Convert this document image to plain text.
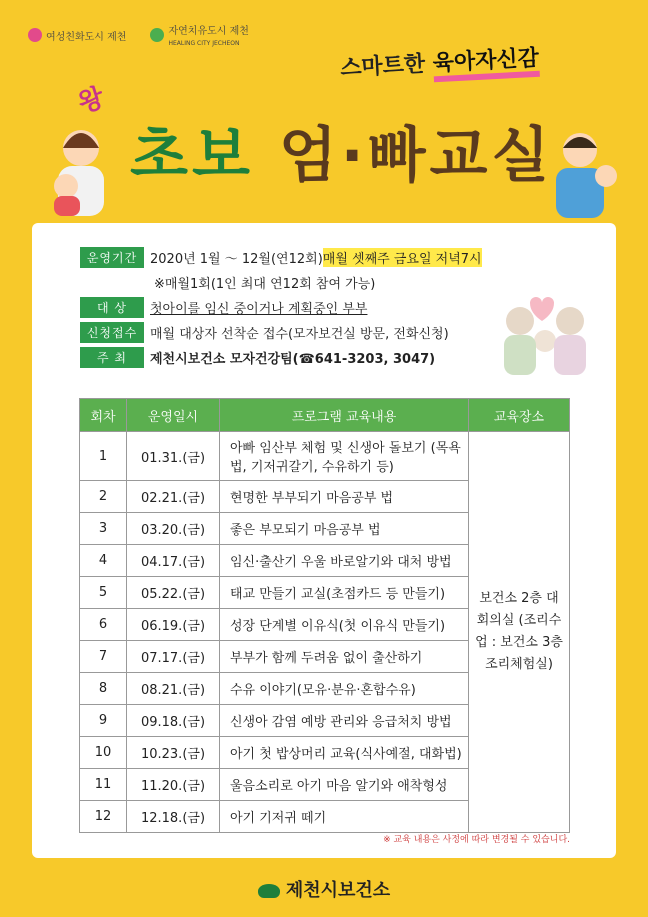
여성친화도시 제천	자연치유도시 제천
HEALING CITY JECHEON
스마트한 육아자신감
왕
초보 엄·빠교실
운영기간 2020년 1월 ～ 12월(연12회) 매월 셋째주 금요일 저녁7시
※매월1회(1인 최대 연12회 참여 가능)
대 상	첫아이를 임신 중이거나 계획중인 부부
신청접수 매월 대상자 선착순 접수(모자보건실 방문, 전화신청)
주 최	제천시보건소 모자건강팀(☎641-3203, 3047)
회차	운영일시	프로그램 교육내용	교육장소
1	01.31.(금)	아빠 임산부 체험 및 신생아 돌보기 (목욕법, 기저귀갈기, 수유하기 등)	보건소 2층 대회의실 (조리수업 : 보건소 3층 조리체험실)
2	02.21.(금)	현명한 부부되기 마음공부 법	
3	03.20.(금)	좋은 부모되기 마음공부 법	
4	04.17.(금)	임신·출산기 우울 바로알기와 대처 방법	
5	05.22.(금)	태교 만들기 교실(초점카드 등 만들기)	
6	06.19.(금)	성장 단계별 이유식(첫 이유식 만들기)	
7	07.17.(금)	부부가 함께 두려움 없이 출산하기	
8	08.21.(금)	수유 이야기(모유·분유·혼합수유)	
9	09.18.(금)	신생아 감염 예방 관리와 응급처치 방법	
10	10.23.(금)	아기 첫 밥상머리 교육(식사예절, 대화법)	
11	11.20.(금)	울음소리로 아기 마음 알기와 애착형성	
12	12.18.(금)	아기 기저귀 떼기	
※ 교육 내용은 사정에 따라 변경될 수 있습니다.
제천시보건소
